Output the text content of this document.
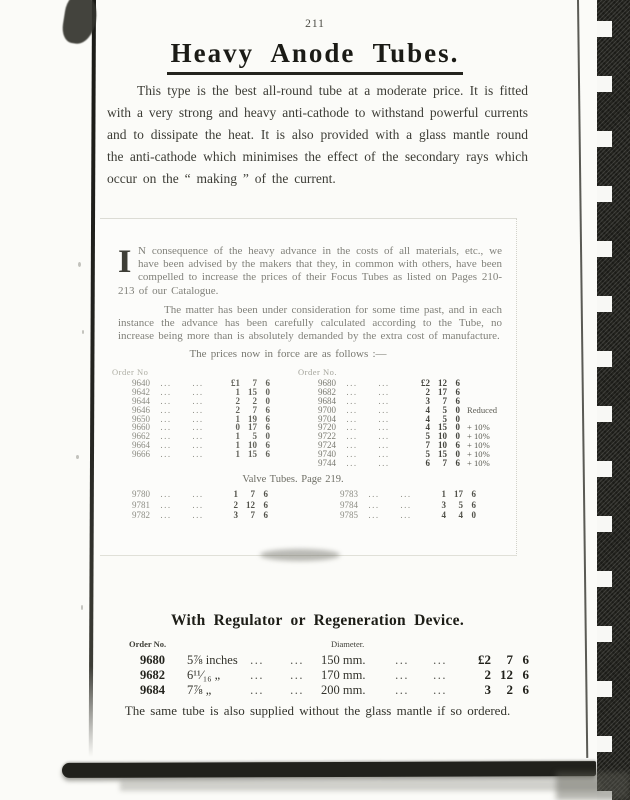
211
Heavy Anode Tubes.

This type is the best all-round tube at a moderate price. It is fitted with a very strong and heavy anti-cathode to withstand powerful currents and to dissipate the heat. It is also provided with a glass mantle round the anti-cathode which minimises the effect of the secondary rays which occur on the “ making ” of the current.

I N consequence of the heavy advance in the costs of all materials, etc., we have been advised by the makers that they, in common with others, have been compelled to increase the prices of their Focus Tubes as listed on Pages 210-213 of our Catalogue.

The matter has been under consideration for some time past, and in each instance the advance has been carefully calculated according to the Tube, no increase being more than is absolutely demanded by the extra cost of manufacture.

The prices now in force are as follows :—

Order No
9640	...	...	£1	7 6
9642	...	...	1 15 0
9644	...	...	2	2 0
9646	...	...	2	7 6
9650	...	...	1 19 6
9660	...	...	0 17 6
9662	...	...	1	5 0
9664	...	...	1 10 6
9666	...	...	1 15 6
Order No.
9680	...	...	£2 12 6
9682	...	...	2 17 6
9684	...	...	3	7 6
9700	...	...	4	5 0 Reduced
9704	...	...	4	5 0
9720	...	...	4 15 0 + 10%
9722	...	...	5 10 0 + 10%
9724	...	...	7 10 6 + 10%
9740	...	...	5 15 0 + 10%
9744	...	...	6	7 6 + 10%
Valve Tubes. Page 219.
9780	...	...	1	7 6
9781	...	...	2 12 6
9782	...	...	3	7 6
9783	...	...	1 17 6
9784	...	...	3	5 6
9785	...	...	4	4 0
With Regulator or Regeneration Device.
Order No.	Diameter.
9680	5⅞ inches ...	...	150 mm.	...	...	£2	7 6
9682	6¹¹⁄₁₆ „	...	...	170 mm.	...	...	2 12 6
9684	7⅞ „	...	...	200 mm.	...	...	3	2 6

The same tube is also supplied without the glass mantle if so ordered.
